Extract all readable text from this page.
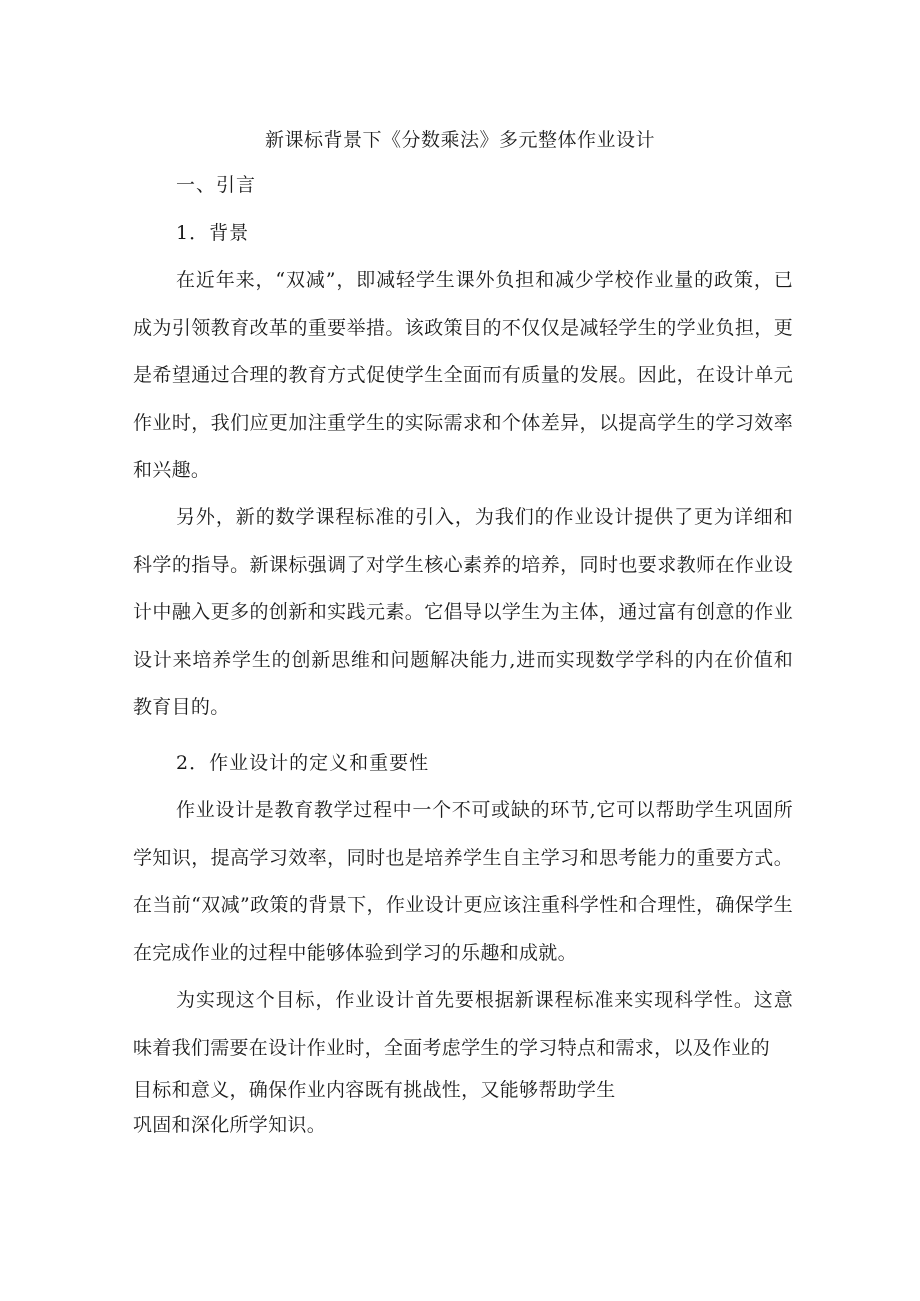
新课标背景下《分数乘法》多元整体作业设计
一、引言
1．背景
在近年来，“双减”，即减轻学生课外负担和减少学校作业量的政策，已成为引领教育改革的重要举措。该政策目的不仅仅是减轻学生的学业负担，更是希望通过合理的教育方式促使学生全面而有质量的发展。因此，在设计单元作业时，我们应更加注重学生的实际需求和个体差异，以提高学生的学习效率和兴趣。
另外，新的数学课程标准的引入，为我们的作业设计提供了更为详细和科学的指导。新课标强调了对学生核心素养的培养，同时也要求教师在作业设计中融入更多的创新和实践元素。它倡导以学生为主体，通过富有创意的作业设计来培养学生的创新思维和问题解决能力,进而实现数学学科的内在价值和教育目的。
2．作业设计的定义和重要性
作业设计是教育教学过程中一个不可或缺的环节,它可以帮助学生巩固所学知识，提高学习效率，同时也是培养学生自主学习和思考能力的重要方式。在当前“双减”政策的背景下，作业设计更应该注重科学性和合理性，确保学生在完成作业的过程中能够体验到学习的乐趣和成就。
为实现这个目标，作业设计首先要根据新课程标准来实现科学性。这意味着我们需要在设计作业时，全面考虑学生的学习特点和需求，以及作业的
目标和意义，确保作业内容既有挑战性，又能够帮助学生
巩固和深化所学知识。
